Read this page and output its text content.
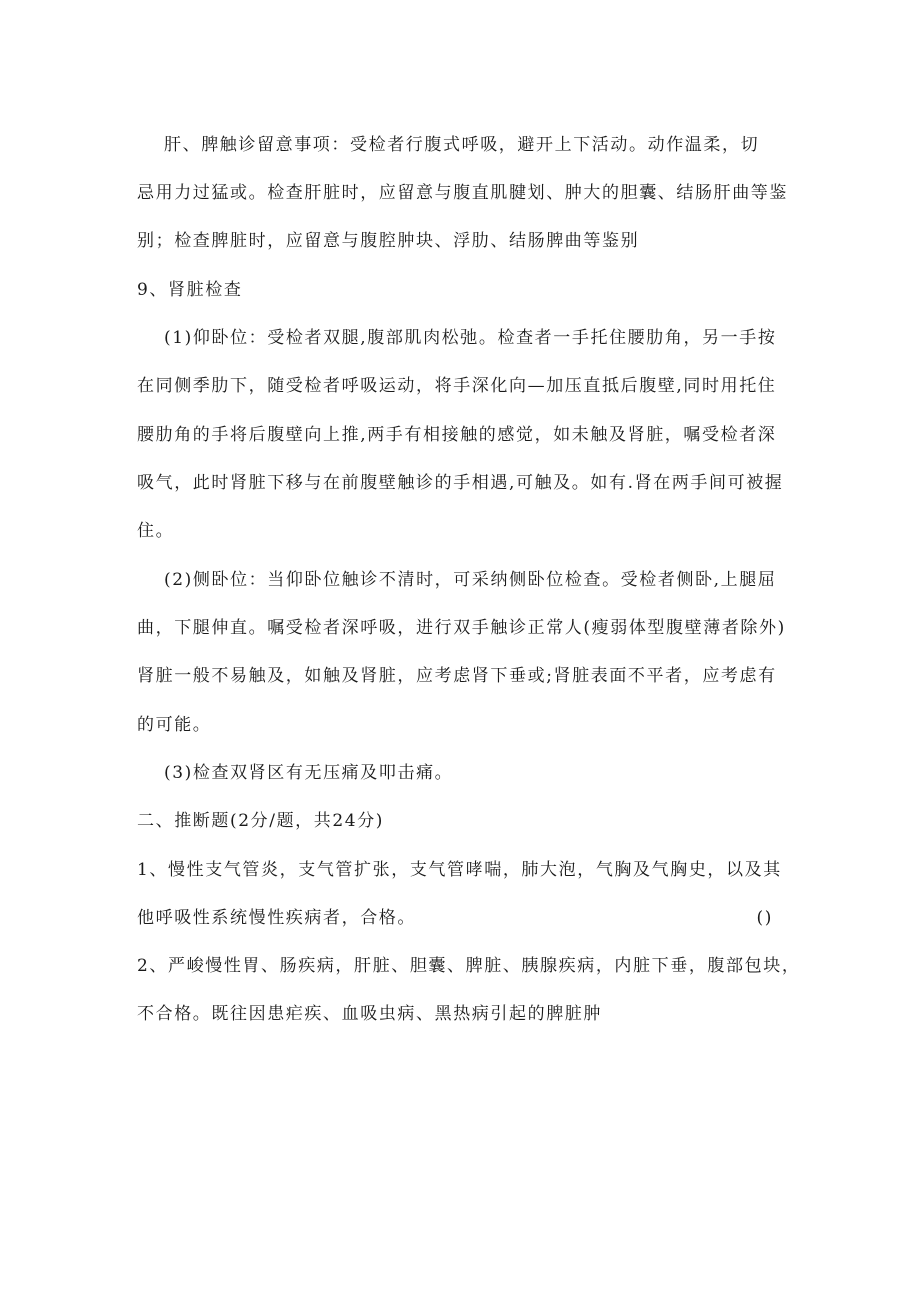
肝、脾触诊留意事项：受检者行腹式呼吸，避开上下活动。动作温柔，切
忌用力过猛或。检查肝脏时，应留意与腹直肌腱划、肿大的胆囊、结肠肝曲等鉴
别；检查脾脏时，应留意与腹腔肿块、浮肋、结肠脾曲等鉴别
9、肾脏检查
(1)仰卧位：受检者双腿,腹部肌肉松弛。检查者一手托住腰肋角，另一手按
在同侧季肋下，随受检者呼吸运动，将手深化向—加压直抵后腹壁,同时用托住
腰肋角的手将后腹壁向上推,两手有相接触的感觉，如未触及肾脏，嘱受检者深
吸气，此时肾脏下移与在前腹壁触诊的手相遇,可触及。如有.肾在两手间可被握
住。
(2)侧卧位：当仰卧位触诊不清时，可采纳侧卧位检查。受检者侧卧,上腿屈
曲，下腿伸直。嘱受检者深呼吸，进行双手触诊正常人(瘦弱体型腹壁薄者除外)
肾脏一般不易触及，如触及肾脏，应考虑肾下垂或;肾脏表面不平者，应考虑有
的可能。
(3)检查双肾区有无压痛及叩击痛。
二、推断题(2分/题，共24分)
1、慢性支气管炎，支气管扩张，支气管哮喘，肺大泡，气胸及气胸史，以及其
他呼吸性系统慢性疾病者，合格。	()
2、严峻慢性胃、肠疾病，肝脏、胆囊、脾脏、胰腺疾病，内脏下垂，腹部包块，
不合格。既往因患疟疾、血吸虫病、黑热病引起的脾脏肿
